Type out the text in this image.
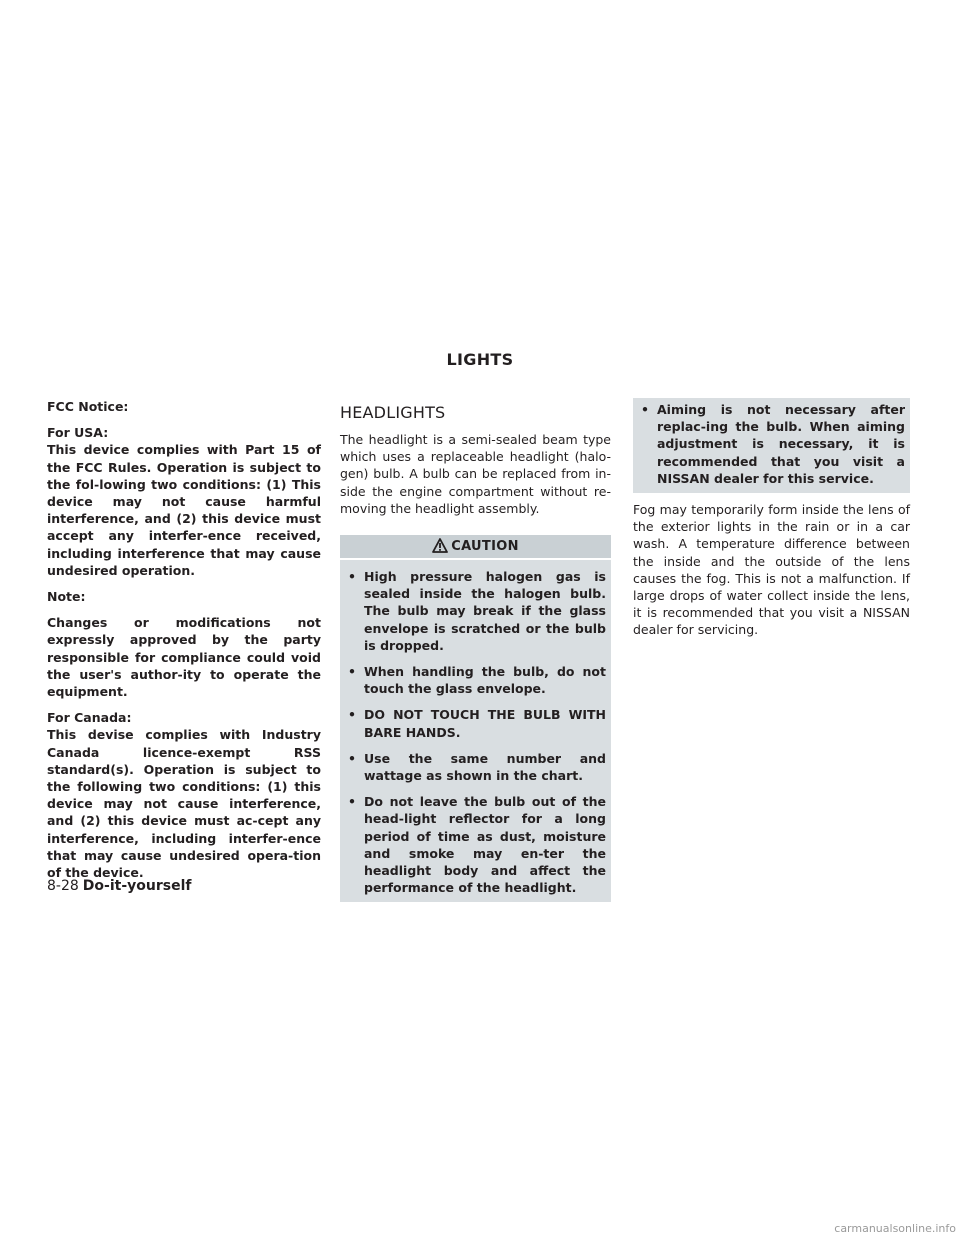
LIGHTS

FCC Notice:

For USA:

This device complies with Part 15 of the FCC Rules. Operation is subject to the fol-lowing two conditions: (1) This device may not cause harmful interference, and (2) this device must accept any interfer-ence received, including interference that may cause undesired operation.

Note:

Changes or modifications not expressly approved by the party responsible for compliance could void the user's author-ity to operate the equipment.

For Canada:

This devise complies with Industry Canada licence-exempt RSS standard(s). Operation is subject to the following two conditions: (1) this device may not cause interference, and (2) this device must ac-cept any interference, including interfer-ence that may cause undesired opera-tion of the device.

HEADLIGHTS

The headlight is a semi-sealed beam type which uses a replaceable headlight (halo-gen) bulb. A bulb can be replaced from in-side the engine compartment without re-moving the headlight assembly.

CAUTION
• High pressure halogen gas is sealed inside the halogen bulb. The bulb may break if the glass envelope is scratched or the bulb is dropped.
• When handling the bulb, do not touch the glass envelope.
• DO NOT TOUCH THE BULB WITH BARE HANDS.
• Use the same number and wattage as shown in the chart.
• Do not leave the bulb out of the head-light reflector for a long period of time as dust, moisture and smoke may en-ter the headlight body and affect the performance of the headlight.
• Aiming is not necessary after replac-ing the bulb. When aiming adjustment is necessary, it is recommended that you visit a NISSAN dealer for this service.

Fog may temporarily form inside the lens of the exterior lights in the rain or in a car wash. A temperature difference between the inside and the outside of the lens causes the fog. This is not a malfunction. If large drops of water collect inside the lens, it is recommended that you visit a NISSAN dealer for servicing.

8-28 Do-it-yourself
carmanualsonline.info
